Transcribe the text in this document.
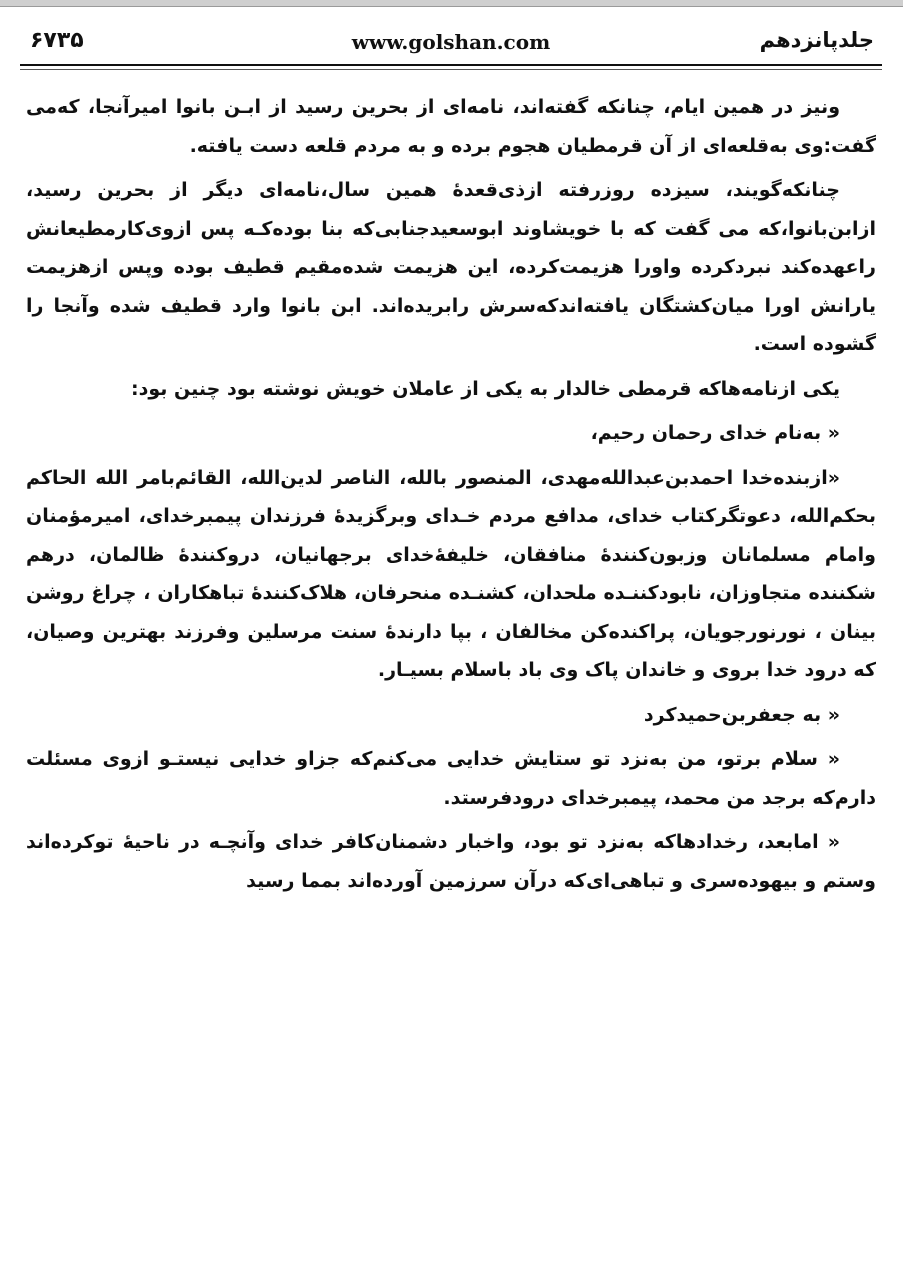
۶۷۳۵	www.golshan.com	جلدپانزدهم

ونیز در همین ایام، چنانکه گفته‌اند، نامه‌ای از بحرین رسید از ابـن بانوا امیرآنجا، که‌می گفت:وی به‌قلعه‌ای از آن قرمطیان هجوم برده و به مردم قلعه دست یافته.

چنانکه‌گویند، سیزده روزرفته ازذی‌قعدهٔ همین سال،نامه‌ای دیگر از بحرین رسید، ازابن‌بانوا،که می گفت که با خویشاوند ابوسعیدجنابی‌که بنا بوده‌کـه پس ازوی‌کارمطیعانش راعهده‌کند نبردکرده واورا هزیمت‌کرده، این هزیمت شده‌مقیم قطیف بوده وپس ازهزیمت یارانش اورا میان‌کشتگان یافته‌اند‌که‌سرش رابریده‌اند. ابن بانوا وارد قطیف شده وآنجا را گشوده است.

یکی ازنامه‌هاکه قرمطی خالدار به یکی از عاملان خویش نوشته بود چنین بود:

« به‌نام خدای رحمان رحیم،

«ازبنده‌خدا احمدبن‌عبدالله‌مهدی، المنصور بالله، الناصر لدین‌الله، القائم‌بامر الله الحاکم بحکم‌الله، دعوتگرکتاب خدای، مدافع مردم خـدای وبرگزیدهٔ فرزندان پیمبرخدای، امیرمؤمنان وامام مسلمانان وزبون‌کنندهٔ منافقان، خلیفهٔ‌خدای برجهانیان، دروکنندهٔ ظالمان، درهم شکننده متجاوزان، نابودکننـده ملحدان، کشنـده منحرفان، هلاک‌کنندهٔ تباهکاران ، چراغ روشن بینان ، نورنورجویان، پراکنده‌کن مخالفان ، بپا دارندهٔ سنت مرسلین وفرزند بهترین وصیان، که درود خدا بروی و خاندان پاک وی باد باسلام بسیـار.

« به جعفربن‌حمیدکرد

« سلام برتو، من به‌نزد تو ستایش خدایی می‌کنم‌که جزاو خدایی نیستـو ازوی مسئلت دارم‌که برجد من محمد، پیمبرخدای درودفرستد.

« امابعد، رخدادهاکه به‌نزد تو بود، واخبار دشمنان‌کافر خدای وآنچـه در ناحیهٔ توکرده‌اند وستم و بیهوده‌سری و تباهی‌ای‌که درآن سرزمین آورده‌اند بمما رسید
